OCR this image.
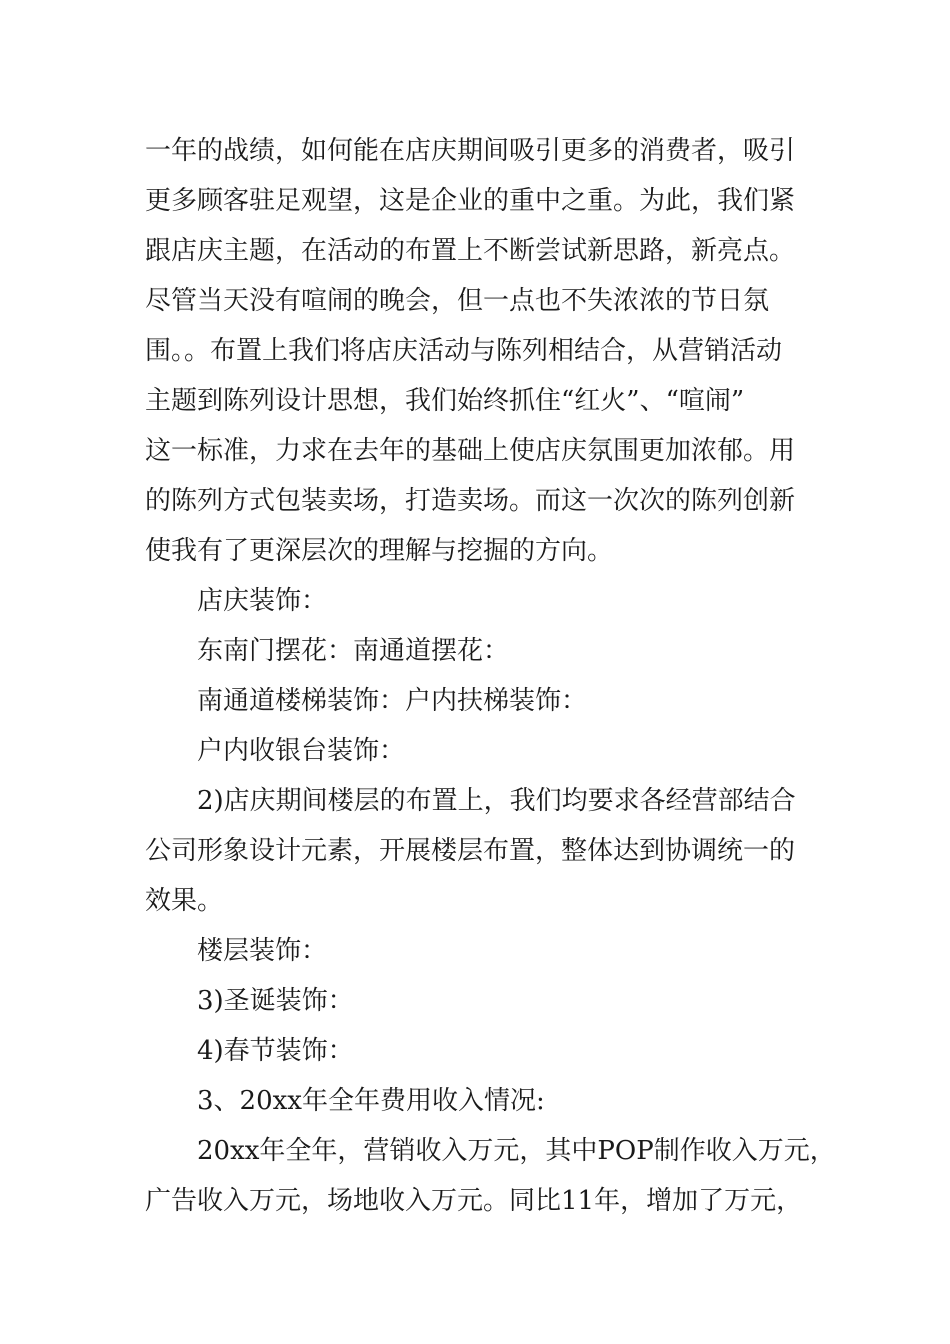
一年的战绩，如何能在店庆期间吸引更多的消费者，吸引

更多顾客驻足观望，这是企业的重中之重。为此，我们紧

跟店庆主题，在活动的布置上不断尝试新思路，新亮点。

尽管当天没有喧闹的晚会，但一点也不失浓浓的节日氛

围。。布置上我们将店庆活动与陈列相结合，从营销活动

主题到陈列设计思想，我们始终抓住“红火”、“喧闹”

这一标准，力求在去年的基础上使店庆氛围更加浓郁。用

的陈列方式包装卖场，打造卖场。而这一次次的陈列创新

使我有了更深层次的理解与挖掘的方向。

店庆装饰：

东南门摆花：南通道摆花：

南通道楼梯装饰：户内扶梯装饰：

户内收银台装饰：

2)店庆期间楼层的布置上，我们均要求各经营部结合

公司形象设计元素，开展楼层布置，整体达到协调统一的

效果。

楼层装饰：

3)圣诞装饰：

4)春节装饰：

3、20xx年全年费用收入情况:

20xx年全年，营销收入万元，其中POP制作收入万元，

广告收入万元，场地收入万元。同比11年，增加了万元，
